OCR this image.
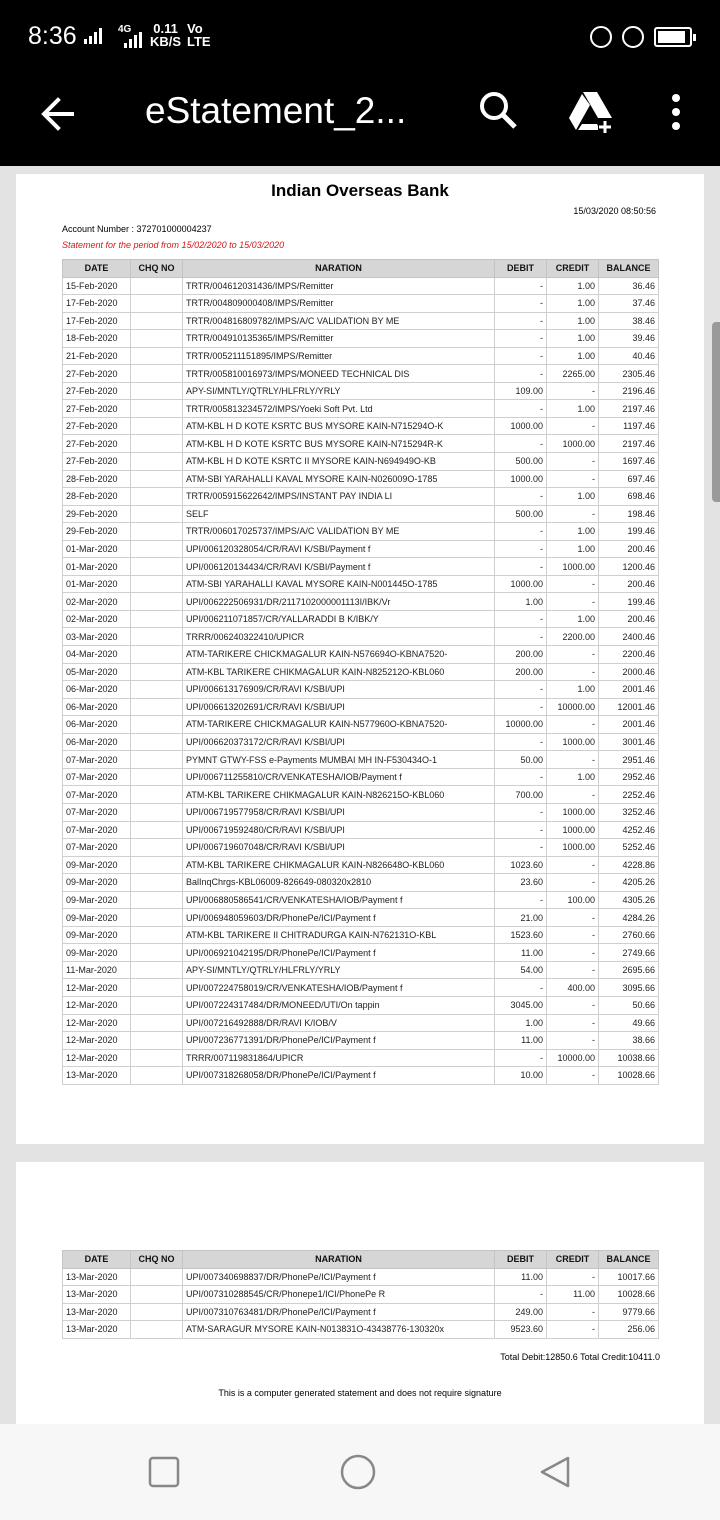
8:36	4G 0.11
KB/S
Vo
LTE
eStatement_2...
Indian Overseas Bank
15/03/2020 08:50:56
Account Number : 372701000004237
Statement for the period from 15/02/2020 to 15/03/2020
DATE	CHQ NO	NARATION	DEBIT	CREDIT	BALANCE
15-Feb-2020		TRTR/004612031436/IMPS/Remitter	-	1.00	36.46
17-Feb-2020		TRTR/004809000408/IMPS/Remitter	-	1.00	37.46
17-Feb-2020		TRTR/004816809782/IMPS/A/C VALIDATION BY ME	-	1.00	38.46
18-Feb-2020		TRTR/004910135365/IMPS/Remitter	-	1.00	39.46
21-Feb-2020		TRTR/005211151895/IMPS/Remitter	-	1.00	40.46
27-Feb-2020		TRTR/005810016973/IMPS/MONEED TECHNICAL DIS	-	2265.00	2305.46
27-Feb-2020		APY-SI/MNTLY/QTRLY/HLFRLY/YRLY	109.00	-	2196.46
27-Feb-2020		TRTR/005813234572/IMPS/Yoeki Soft Pvt. Ltd	-	1.00	2197.46
27-Feb-2020		ATM-KBL H D KOTE KSRTC BUS MYSORE KAIN-N715294O-K	1000.00	-	1197.46
27-Feb-2020		ATM-KBL H D KOTE KSRTC BUS MYSORE KAIN-N715294R-K	-	1000.00	2197.46
27-Feb-2020		ATM-KBL H D KOTE KSRTC II MYSORE KAIN-N694949O-KB	500.00	-	1697.46
28-Feb-2020		ATM-SBI YARAHALLI KAVAL MYSORE KAIN-N026009O-1785	1000.00	-	697.46
28-Feb-2020		TRTR/005915622642/IMPS/INSTANT PAY INDIA LI	-	1.00	698.46
29-Feb-2020		SELF	500.00	-	198.46
29-Feb-2020		TRTR/006017025737/IMPS/A/C VALIDATION BY ME	-	1.00	199.46
01-Mar-2020		UPI/006120328054/CR/RAVI K/SBI/Payment f	-	1.00	200.46
01-Mar-2020		UPI/006120134434/CR/RAVI K/SBI/Payment f	-	1000.00	1200.46
01-Mar-2020		ATM-SBI YARAHALLI KAVAL MYSORE KAIN-N001445O-1785	1000.00	-	200.46
02-Mar-2020		UPI/006222506931/DR/2117102000001113I/IBK/Vr	1.00	-	199.46
02-Mar-2020		UPI/006211071857/CR/YALLARADDI B K/IBK/Y	-	1.00	200.46
03-Mar-2020		TRRR/006240322410/UPICR	-	2200.00	2400.46
04-Mar-2020		ATM-TARIKERE CHICKMAGALUR KAIN-N576694O-KBNA7520-	200.00	-	2200.46
05-Mar-2020		ATM-KBL TARIKERE CHIKMAGALUR KAIN-N825212O-KBL060	200.00	-	2000.46
06-Mar-2020		UPI/006613176909/CR/RAVI K/SBI/UPI	-	1.00	2001.46
06-Mar-2020		UPI/006613202691/CR/RAVI K/SBI/UPI	-	10000.00	12001.46
06-Mar-2020		ATM-TARIKERE CHICKMAGALUR KAIN-N577960O-KBNA7520-	10000.00	-	2001.46
06-Mar-2020		UPI/006620373172/CR/RAVI K/SBI/UPI	-	1000.00	3001.46
07-Mar-2020		PYMNT GTWY-FSS e-Payments MUMBAI MH IN-F530434O-1	50.00	-	2951.46
07-Mar-2020		UPI/006711255810/CR/VENKATESHA/IOB/Payment f	-	1.00	2952.46
07-Mar-2020		ATM-KBL TARIKERE CHIKMAGALUR KAIN-N826215O-KBL060	700.00	-	2252.46
07-Mar-2020		UPI/006719577958/CR/RAVI K/SBI/UPI	-	1000.00	3252.46
07-Mar-2020		UPI/006719592480/CR/RAVI K/SBI/UPI	-	1000.00	4252.46
07-Mar-2020		UPI/006719607048/CR/RAVI K/SBI/UPI	-	1000.00	5252.46
09-Mar-2020		ATM-KBL TARIKERE CHIKMAGALUR KAIN-N826648O-KBL060	1023.60	-	4228.86
09-Mar-2020		BalInqChrgs-KBL06009-826649-080320x2810	23.60	-	4205.26
09-Mar-2020		UPI/006880586541/CR/VENKATESHA/IOB/Payment f	-	100.00	4305.26
09-Mar-2020		UPI/006948059603/DR/PhonePe/ICI/Payment f	21.00	-	4284.26
09-Mar-2020		ATM-KBL TARIKERE II CHITRADURGA KAIN-N762131O-KBL	1523.60	-	2760.66
09-Mar-2020		UPI/006921042195/DR/PhonePe/ICI/Payment f	11.00	-	2749.66
11-Mar-2020		APY-SI/MNTLY/QTRLY/HLFRLY/YRLY	54.00	-	2695.66
12-Mar-2020		UPI/007224758019/CR/VENKATESHA/IOB/Payment f	-	400.00	3095.66
12-Mar-2020		UPI/007224317484/DR/MONEED/UTI/On tappin	3045.00	-	50.66
12-Mar-2020		UPI/007216492888/DR/RAVI K/IOB/V	1.00	-	49.66
12-Mar-2020		UPI/007236771391/DR/PhonePe/ICI/Payment f	11.00	-	38.66
12-Mar-2020		TRRR/007119831864/UPICR	-	10000.00	10038.66
13-Mar-2020		UPI/007318268058/DR/PhonePe/ICI/Payment f	10.00	-	10028.66
DATE	CHQ NO	NARATION	DEBIT	CREDIT	BALANCE
13-Mar-2020		UPI/007340698837/DR/PhonePe/ICI/Payment f	11.00	-	10017.66
13-Mar-2020		UPI/007310288545/CR/Phonepe1/ICI/PhonePe R	-	11.00	10028.66
13-Mar-2020		UPI/007310763481/DR/PhonePe/ICI/Payment f	249.00	-	9779.66
13-Mar-2020		ATM-SARAGUR MYSORE KAIN-N013831O-43438776-130320x	9523.60	-	256.06
Total Debit:12850.6 Total Credit:10411.0
This is a computer generated statement and does not require signature
